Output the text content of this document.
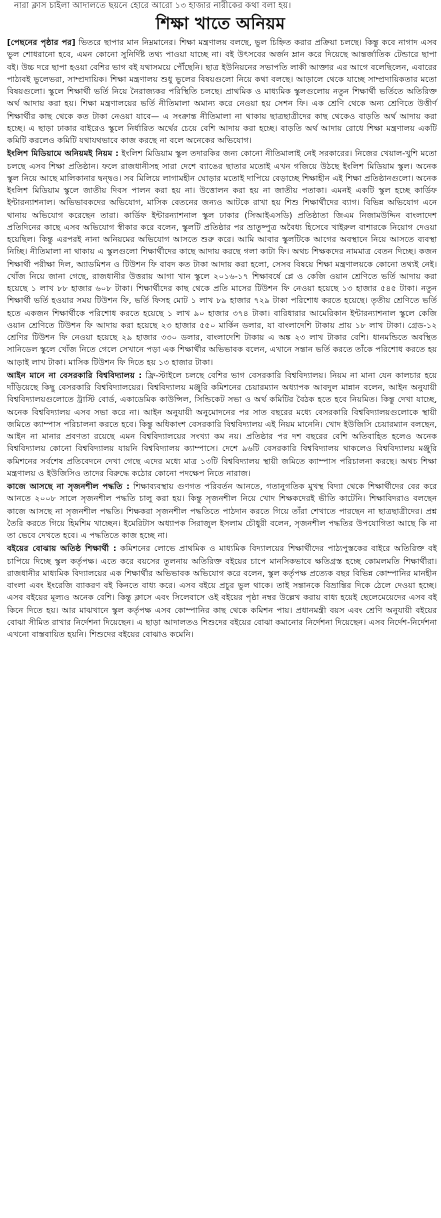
নারা ক্লাস চাইলা আদালতে ছয়নে হোরে আরো ১৩ হাজার নারীকের কথা বলা হয়।
শিক্ষা খাতে অনিয়ম

[পেছনের পৃষ্ঠার পর] ভিতরে ছাপার মান নিম্নমানের। শিক্ষা মন্ত্রণালয় বলছে, ভুল চিহ্নিত করার প্রক্রিয়া চলছে। কিন্তু কবে নাগাদ এসব ভুল শোধরানো হবে, এমন কোনো সুনির্দিষ্ট তথ্য পাওয়া যাচ্ছে না। বই উৎসবের অর্জন ম্লান করে দিয়েছে আন্তর্জাতিক টেন্ডারে ছাপা বই। উচ্চ দরে ছাপা হওয়া বেশির ভাগ বই যথাসময়ে পৌঁছেনি। ছাত্র ইউনিয়নের সভাপতি লাকী আক্তার এর আগে বলেছিলেন, এবারের পাঠ্যবই ভুলেভরা, সাম্প্রদায়িক। শিক্ষা মন্ত্রণালয় শুধু ভুলের বিষয়গুলো নিয়ে কথা বলছে। আড়ালে থেকে যাচ্ছে সাম্প্রদায়িকতার মতো বিষয়গুলো। স্কুলে শিক্ষার্থী ভর্তি নিয়ে নৈরাজ্যকর পরিস্থিতি চলছে। প্রাথমিক ও মাধ্যমিক স্কুলগুলোয় নতুন শিক্ষার্থী ভর্তিতে অতিরিক্ত অর্থ আদায় করা হয়। শিক্ষা মন্ত্রণালয়ের ভর্তি নীতিমালা অমান্য করে নেওয়া হয় সেশন ফি। এক শ্রেণি থেকে অন্য শ্রেণিতে উত্তীর্ণ শিক্ষার্থীর কাছ থেকে কত টাকা নেওয়া যাবে— এ সংক্রান্ত নীতিমালা না থাকায় ছাত্রছাত্রীদের কাছ থেকেও বাড়তি অর্থ আদায় করা হচ্ছে। এ ছাড়া ঢাকার বাইরেও স্কুলে নির্ধারিত অর্থের চেয়ে বেশি আদায় করা হচ্ছে। বাড়তি অর্থ আদায় রোধে শিক্ষা মন্ত্রণালয় একটি কমিটি করলেও কমিটি যথাযথভাবে কাজ করছে না বলে অনেকের অভিযোগ।

ইংলিশ মিডিয়ামে অনিয়মই নিয়ম : ইংলিশ মিডিয়াম স্কুল তদারকির জন্য কোনো নীতিমালাই নেই সরকারের। নিজের খেয়াল-খুশি মতো চলছে এসব শিক্ষা প্রতিষ্ঠান। ফলে রাজধানীসহ সারা দেশে ব্যাঙের ছাতার মতোই এখন গজিয়ে উঠছে ইংলিশ মিডিয়াম স্কুল। অনেক স্কুল নিয়ে আছে মালিকানার দ্বন্দ্বও। সব মিলিয়ে লাগামহীন ঘোড়ার মতোই দাপিয়ে বেড়াচ্ছে শিক্ষাহীন এই শিক্ষা প্রতিষ্ঠানগুলো। অনেক ইংলিশ মিডিয়াম স্কুলে জাতীয় দিবস পালন করা হয় না। উত্তোলন করা হয় না জাতীয় পতাকা। এমনই একটি স্কুল হচ্ছে কার্ডিফ ইন্টারন্যাশনাল। অভিভাবকদের অভিযোগ, মাসিক বেতনের জন্যও আটকে রাখা হয় শিশু শিক্ষার্থীদের ব্যাগ। বিভিন্ন অভিযোগ এনে থানায় অভিযোগ করেছেন তারা। কার্ডিফ ইন্টারন্যাশনাল স্কুল ঢাকার (সিআইএসডি) প্রতিষ্ঠাতা জিএম নিজামউদ্দিন বাংলাদেশ প্রতিদিনের কাছে এসব অভিযোগ স্বীকার করে বলেন, স্কুলটি প্রতিষ্ঠার পর ভ্রাতুষ্পুত্র অবৈধ্য হিসেবে খাইরুল বাশারকে নিয়োগ দেওয়া হয়েছিল। কিন্তু এরপরই নানা অনিয়মের অভিযোগ আসতে শুরু করে। আমি আবার স্কুলটিকে আগের অবস্থানে নিয়ে আসতে ব্যবস্থা নিচ্ছি। নীতিমালা না থাকায় এ স্কুলগুলো শিক্ষার্থীদের কাছে আদায় করছে গলা কাটা ফি। অথচ শিক্ষকদের নামমাত্র বেতন দিচ্ছে। কজন শিক্ষার্থী পরীক্ষা দিল, অ্যাডমিশন ও টিউশন ফি বাবদ কত টাকা আদায় করা হলো, সেসব বিষয়ে শিক্ষা মন্ত্রণালয়কে কোনো তথ্যই নেই। খোঁজ নিয়ে জানা গেছে, রাজধানীর উত্তরায় আগা খান স্কুলে ২০১৬-১৭ শিক্ষাবর্ষে প্লে ও কেজি ওয়ান শ্রেণিতে ভর্তি আদায় করা হয়েছে ১ লাখ ৮৮ হাজার ৬০৮ টাকা। শিক্ষার্থীদের কাছ থেকে প্রতি মাসের টিউশন ফি নেওয়া হয়েছে ১৩ হাজার ৫৪৫ টাকা। নতুন শিক্ষার্থী ভর্তি হওয়ার সময় টিউশন ফি, ভর্তি ফিসহ মোট ১ লাখ ৮৯ হাজার ৭২৯ টাকা পরিশোধ করতে হয়েছে। তৃতীয় শ্রেণিতে ভর্তি হতে একজন শিক্ষার্থীকে পরিশোধ করতে হয়েছে ১ লাখ ৯০ হাজার ৩৭৪ টাকা। বারিধারার আমেরিকান ইন্টারন্যাশনাল স্কুলে কেজি ওয়ান শ্রেণিতে টিউশন ফি আদায় করা হয়েছে ২৩ হাজার ৫৫০ মার্কিন ডলার, যা বাংলাদেশি টাকায় প্রায় ১৮ লাখ টাকা। গ্রেড-১২ শ্রেণির টিউশন ফি নেওয়া হয়েছে ২৯ হাজার ৩৩০ ডলার, বাংলাদেশি টাকায় এ অঙ্ক ২৩ লাখ টাকার বেশি। ধানমন্ডিতে অবস্থিত সানিডেল স্কুলে খোঁজ নিতে গেলে সেখানে পড়া এক শিক্ষার্থীর অভিভাবক বলেন, এখানে সন্তান ভর্তি করতে তাঁকে পরিশোধ করতে হয় আড়াই লাখ টাকা। মাসিক টিউশন ফি দিতে হয় ১৩ হাজার টাকা।

আইন মানে না বেসরকারি বিশ্ববিদ্যালয় : ফ্রি-স্টাইলে চলছে বেশির ভাগ বেসরকারি বিশ্ববিদ্যালয়। নিয়ম না মানা যেন কালচার হয়ে দাঁড়িয়েছে কিছু বেসরকারি বিশ্ববিদ্যালয়ের। বিশ্ববিদ্যালয় মঞ্জুরি কমিশনের চেয়ারম্যান অধ্যাপক আবদুল মান্নান বলেন, আইন অনুযায়ী বিশ্ববিদ্যালয়গুলোতে ট্রাস্টি বোর্ড, একাডেমিক কাউন্সিল, সিন্ডিকেট সভা ও অর্থ কমিটির বৈঠক হতে হবে নিয়মিত। কিন্তু দেখা যাচ্ছে, অনেক বিশ্ববিদ্যালয় এসব সভা করে না। আইন অনুযায়ী অনুমোদনের পর সাত বছরের মধ্যে বেসরকারি বিশ্ববিদ্যালয়গুলোকে স্থায়ী জমিতে ক্যাম্পাস পরিচালনা করতে হবে। কিন্তু অধিকাংশ বেসরকারি বিশ্ববিদ্যালয় এই নিয়ম মানেনি। খোদ ইউজিসি চেয়ারম্যান বলছেন, আইন না মানার প্রবণতা রয়েছে এমন বিশ্ববিদ্যালয়ের সংখ্যা কম নয়। প্রতিষ্ঠার পর দশ বছরের বেশি অতিবাহিত হলেও অনেক বিশ্ববিদ্যালয় কোনো বিশ্ববিদ্যালয় যায়নি বিশ্ববিদ্যালয় ক্যাম্পাসে। দেশে ৯৬টি বেসরকারি বিশ্ববিদ্যালয় থাকলেও বিশ্ববিদ্যালয় মঞ্জুরি কমিশনের সর্বশেষ প্রতিবেদনে দেখা গেছে এদের মধ্যে মাত্র ১৩টি বিশ্ববিদ্যালয় স্থায়ী জমিতে ক্যাম্পাস পরিচালনা করছে। অথচ শিক্ষা মন্ত্রণালয় ও ইউজিসিও তাদের বিরুদ্ধে কঠোর কোনো পদক্ষেপ নিতে নারাজ।

কাজে আসছে না সৃজনশীল পদ্ধতি : শিক্ষাব্যবস্থায় গুণগত পরিবর্তন আনতে, গতানুগতিক মুখস্থ বিদ্যা থেকে শিক্ষার্থীদের বের করে আনতে ২০০৮ সালে সৃজনশীল পদ্ধতি চালু করা হয়। কিন্তু সৃজনশীল নিয়ে খোদ শিক্ষকদেরই ভীতি কাটেনি। শিক্ষাবিদরাও বলছেন কাজে আসছে না সৃজনশীল পদ্ধতি। শিক্ষকরা সৃজনশীল পদ্ধতিতে পাঠদান করতে গিয়ে তাঁরা শেখাতে পারছেন না ছাত্রছাত্রীদের। প্রশ্ন তৈরি করতে গিয়ে হিমশিম খাচ্ছেন। ইমেরিটাস অধ্যাপক সিরাজুল ইসলাম চৌধুরী বলেন, সৃজনশীল পদ্ধতির উপযোগিতা আছে কি না তা ভেবে দেখতে হবে। এ পদ্ধতিতে কাজ হচ্ছে না।

বইয়ের বোঝায় অতিষ্ঠ শিক্ষার্থী : কমিশনের লোভে প্রাথমিক ও মাধ্যমিক বিদ্যালয়ের শিক্ষার্থীদের পাঠ্যপুস্তকের বাইরে অতিরিক্ত বই চাপিয়ে দিচ্ছে স্কুল কর্তৃপক্ষ। এতে করে বয়সের তুলনায় অতিরিক্ত বইয়ের চাপে মানসিকভাবে ক্ষতিগ্রস্ত হচ্ছে কোমলমতি শিক্ষার্থীরা। রাজধানীর মাধ্যমিক বিদ্যালয়ের এক শিক্ষার্থীর অভিভাবক অভিযোগ করে বলেন, স্কুল কর্তৃপক্ষ প্রত্যেক বছর বিভিন্ন কোম্পানির মানহীন বাংলা এবং ইংরেজি ব্যাকরণ বই কিনতে বাধ্য করে। এসব বইয়ে প্রচুর ভুল থাকে। তাই সন্তানকে বিভ্রান্তির দিকে ঠেলে দেওয়া হচ্ছে। এসব বইয়ের মূল্যও অনেক বেশি। কিন্তু ক্লাসে এবং সিলেবাসে ওই বইয়ের পৃষ্ঠা নম্বর উল্লেখ করায় বাধ্য হয়েই ছেলেমেয়েদের এসব বই কিনে দিতে হয়। আর মাঝখানে স্কুল কর্তৃপক্ষ এসব কোম্পানির কাছ থেকে কমিশন পায়। প্রধানমন্ত্রী বয়স এবং শ্রেণি অনুযায়ী বইয়ের বোঝা সীমিত রাখার নির্দেশনা দিয়েছেন। এ ছাড়া আদালতও শিশুদের বইয়ের বোঝা কমানোর নির্দেশনা দিয়েছেন। এসব নির্দেশ-নির্দেশনা এখনো বাস্তবায়িত হয়নি। শিশুদের বইয়ের বোঝাও কমেনি।
